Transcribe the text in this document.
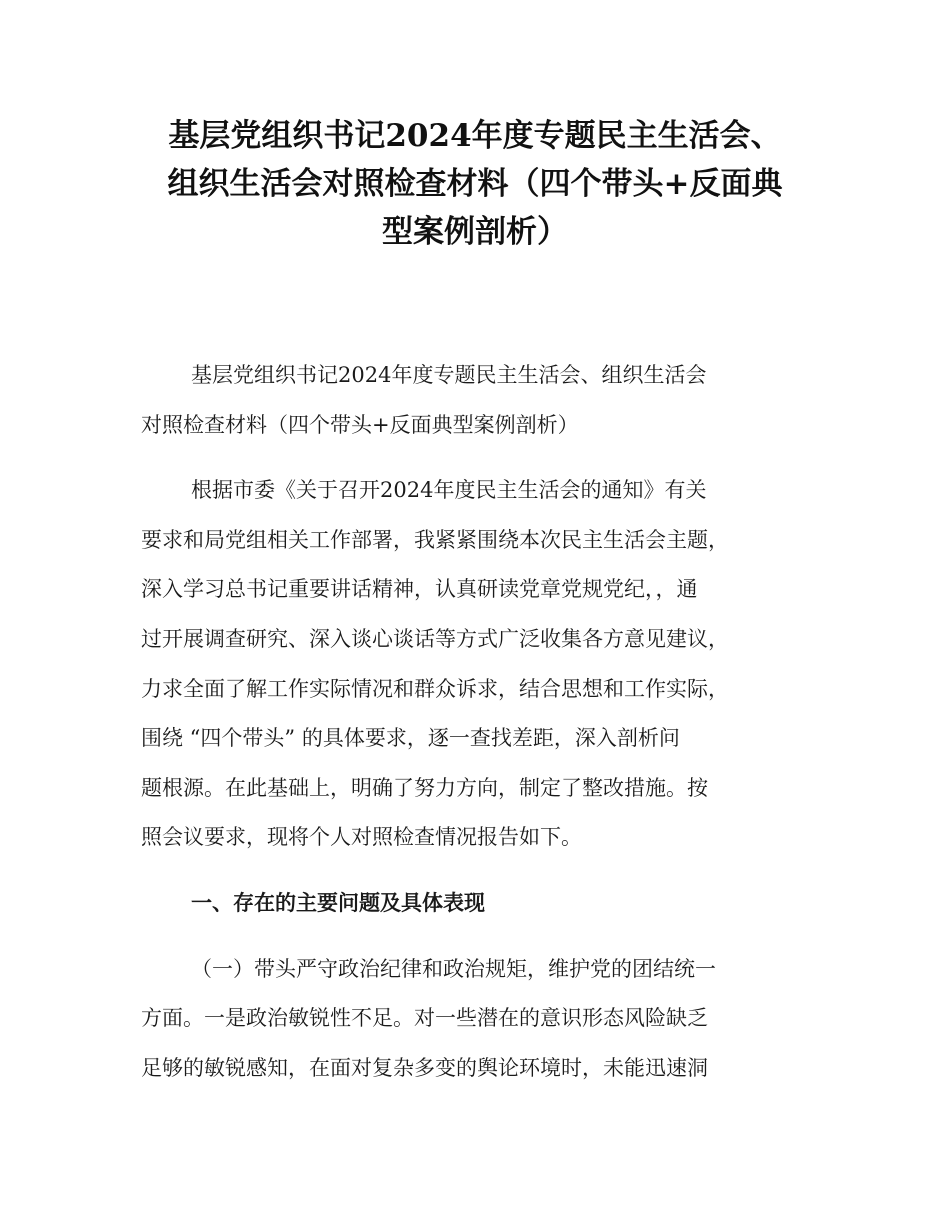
基层党组织书记2024年度专题民主生活会、
组织生活会对照检查材料（四个带头+反面典
型案例剖析）
基层党组织书记2024年度专题民主生活会、组织生活会
对照检查材料（四个带头+反面典型案例剖析）
根据市委《关于召开2024年度民主生活会的通知》有关
要求和局党组相关工作部署，我紧紧围绕本次民主生活会主题，
深入学习总书记重要讲话精神，认真研读党章党规党纪，，通
过开展调查研究、深入谈心谈话等方式广泛收集各方意见建议，
力求全面了解工作实际情况和群众诉求，结合思想和工作实际，
围绕 “四个带头” 的具体要求，逐一查找差距，深入剖析问
题根源。在此基础上，明确了努力方向，制定了整改措施。按
照会议要求，现将个人对照检查情况报告如下。
一、存在的主要问题及具体表现
（一）带头严守政治纪律和政治规矩，维护党的团结统一
方面。一是政治敏锐性不足。对一些潜在的意识形态风险缺乏
足够的敏锐感知，在面对复杂多变的舆论环境时，未能迅速洞
